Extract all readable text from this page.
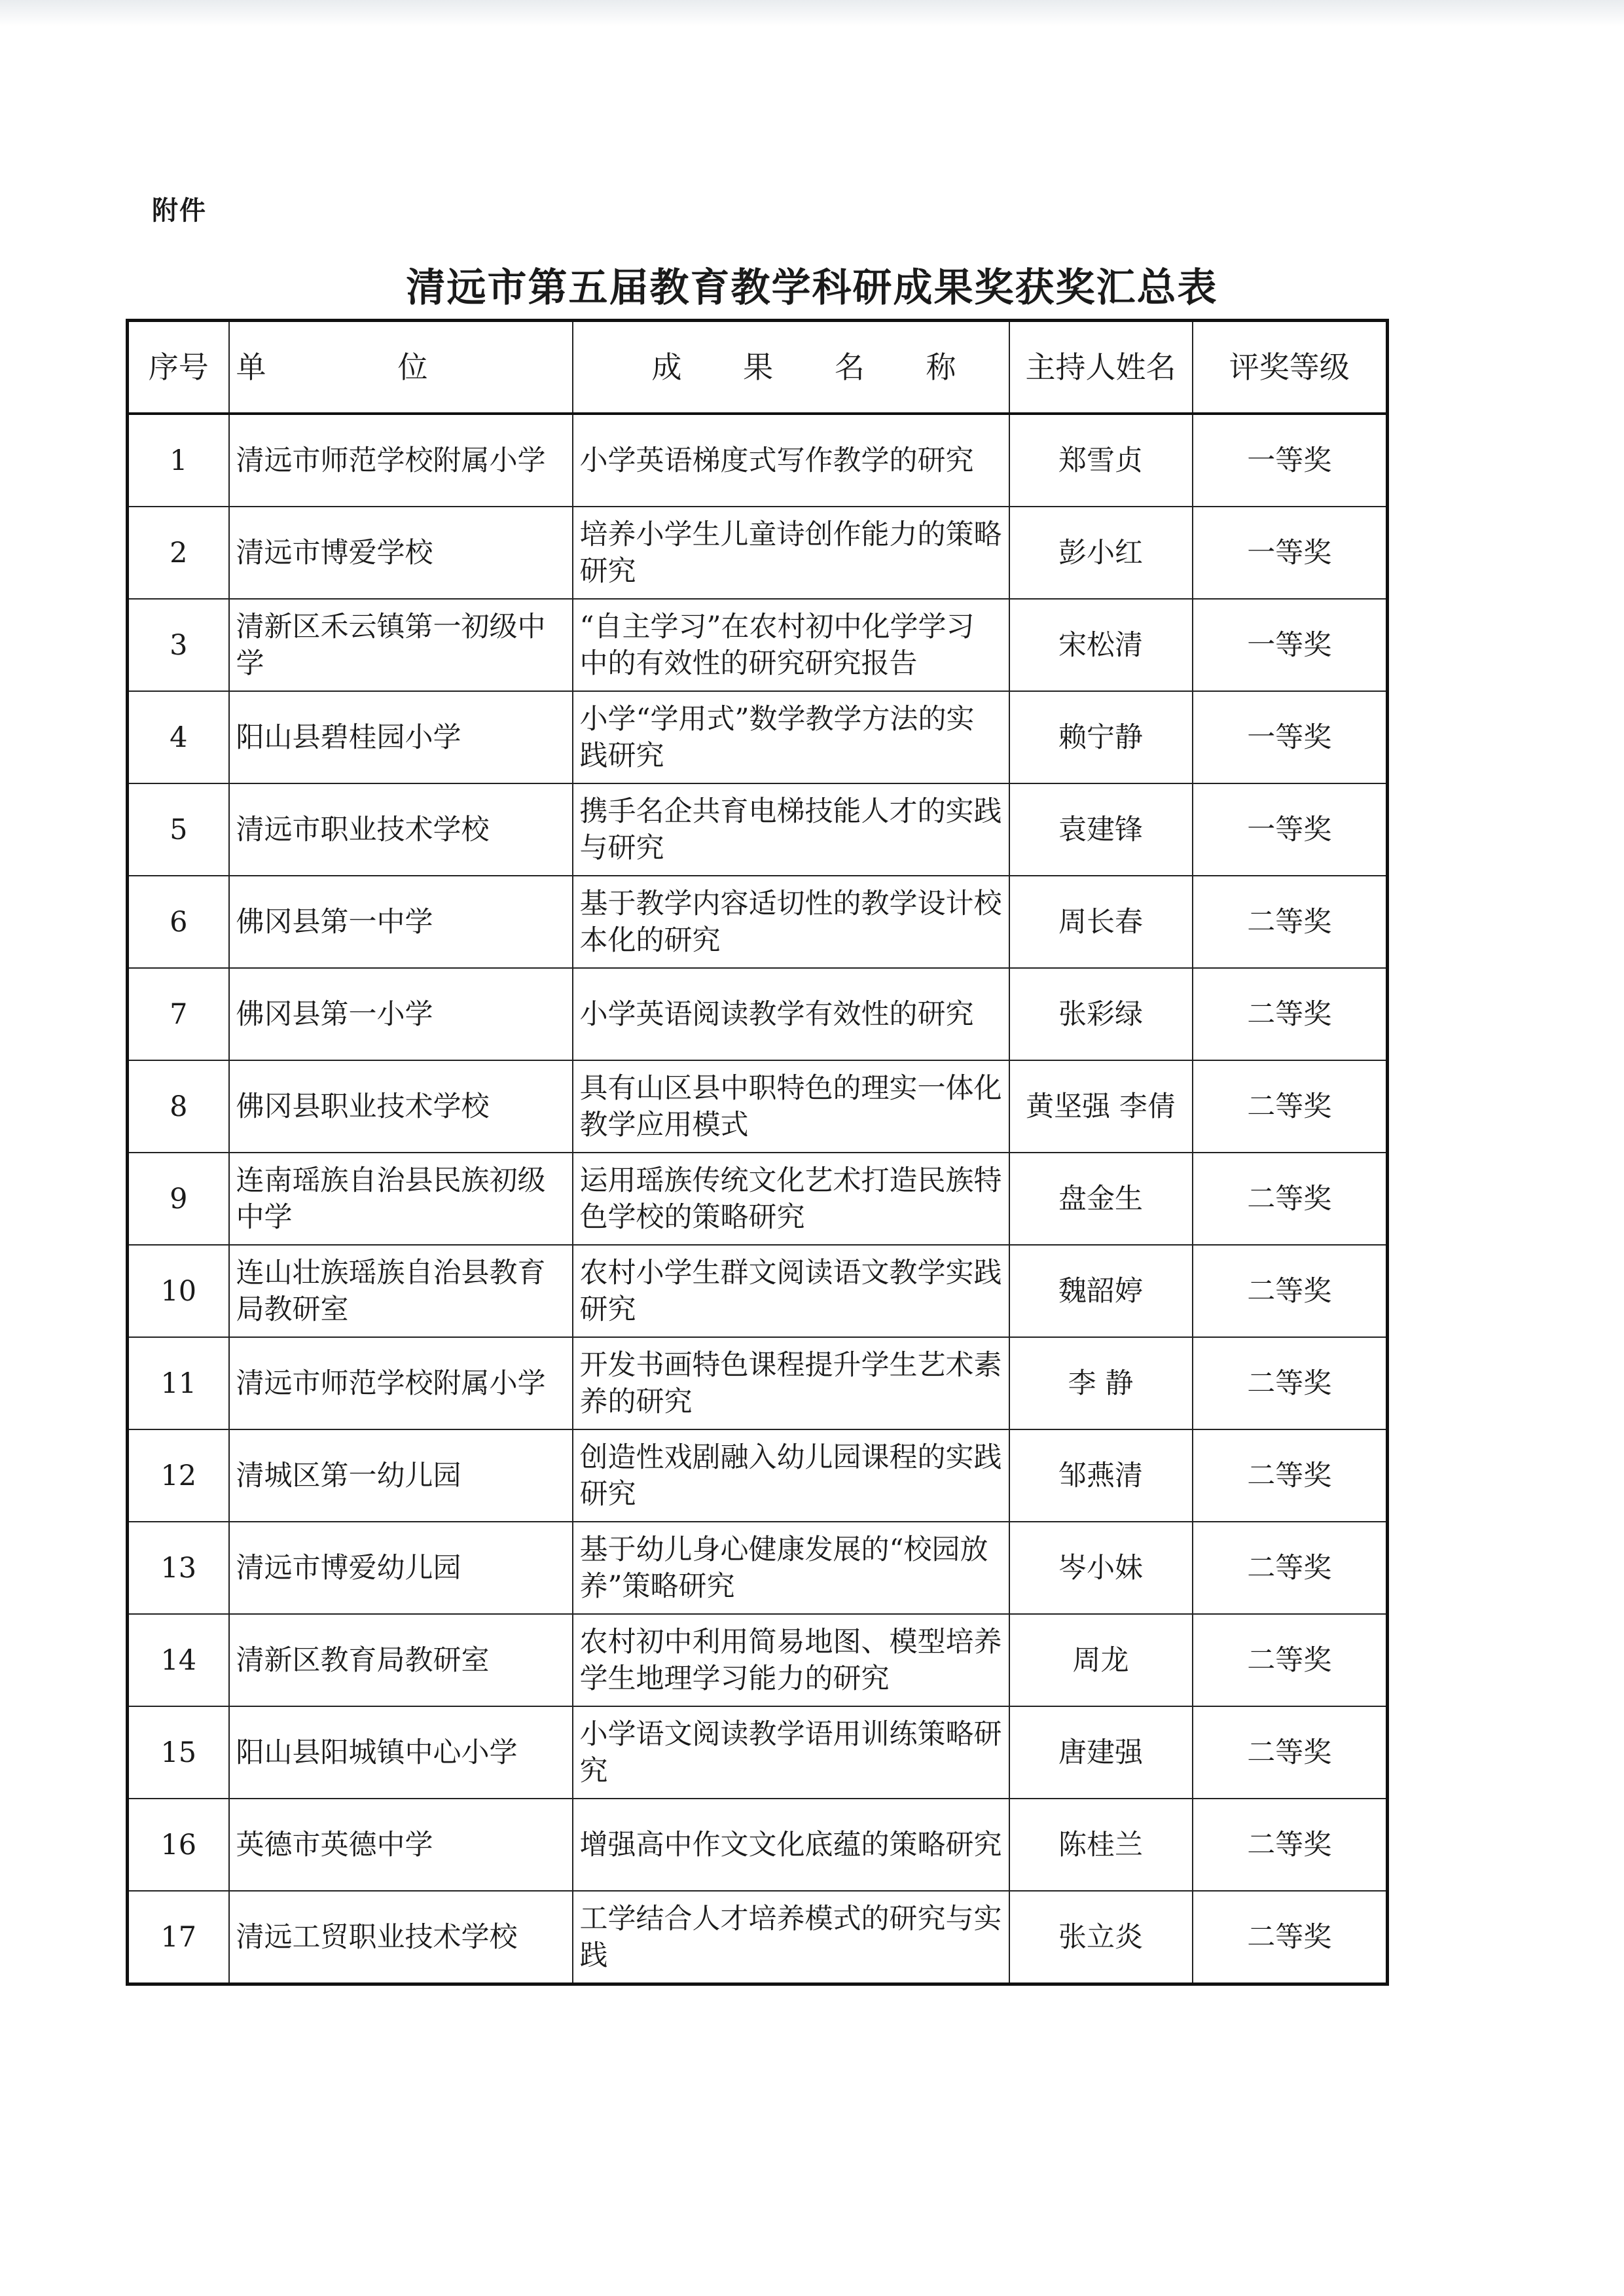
附件
清远市第五届教育教学科研成果奖获奖汇总表
序号	单 位	成 果 名 称	主持人姓名	评奖等级
1	清远市师范学校附属小学	小学英语梯度式写作教学的研究	郑雪贞	一等奖
2	清远市博爱学校	培养小学生儿童诗创作能力的策略研究	彭小红	一等奖
3	清新区禾云镇第一初级中学	“自主学习”在农村初中化学学习中的有效性的研究研究报告	宋松清	一等奖
4	阳山县碧桂园小学	小学“学用式”数学教学方法的实践研究	赖宁静	一等奖
5	清远市职业技术学校	携手名企共育电梯技能人才的实践与研究	袁建锋	一等奖
6	佛冈县第一中学	基于教学内容适切性的教学设计校本化的研究	周长春	二等奖
7	佛冈县第一小学	小学英语阅读教学有效性的研究	张彩绿	二等奖
8	佛冈县职业技术学校	具有山区县中职特色的理实一体化教学应用模式	黄坚强 李倩	二等奖
9	连南瑶族自治县民族初级中学	运用瑶族传统文化艺术打造民族特色学校的策略研究	盘金生	二等奖
10	连山壮族瑶族自治县教育局教研室	农村小学生群文阅读语文教学实践研究	魏韶婷	二等奖
11	清远市师范学校附属小学	开发书画特色课程提升学生艺术素养的研究	李 静	二等奖
12	清城区第一幼儿园	创造性戏剧融入幼儿园课程的实践研究	邹燕清	二等奖
13	清远市博爱幼儿园	基于幼儿身心健康发展的“校园放养”策略研究	岑小妹	二等奖
14	清新区教育局教研室	农村初中利用简易地图、模型培养学生地理学习能力的研究	周龙	二等奖
15	阳山县阳城镇中心小学	小学语文阅读教学语用训练策略研究	唐建强	二等奖
16	英德市英德中学	增强高中作文文化底蕴的策略研究	陈桂兰	二等奖
17	清远工贸职业技术学校	工学结合人才培养模式的研究与实践	张立炎	二等奖
